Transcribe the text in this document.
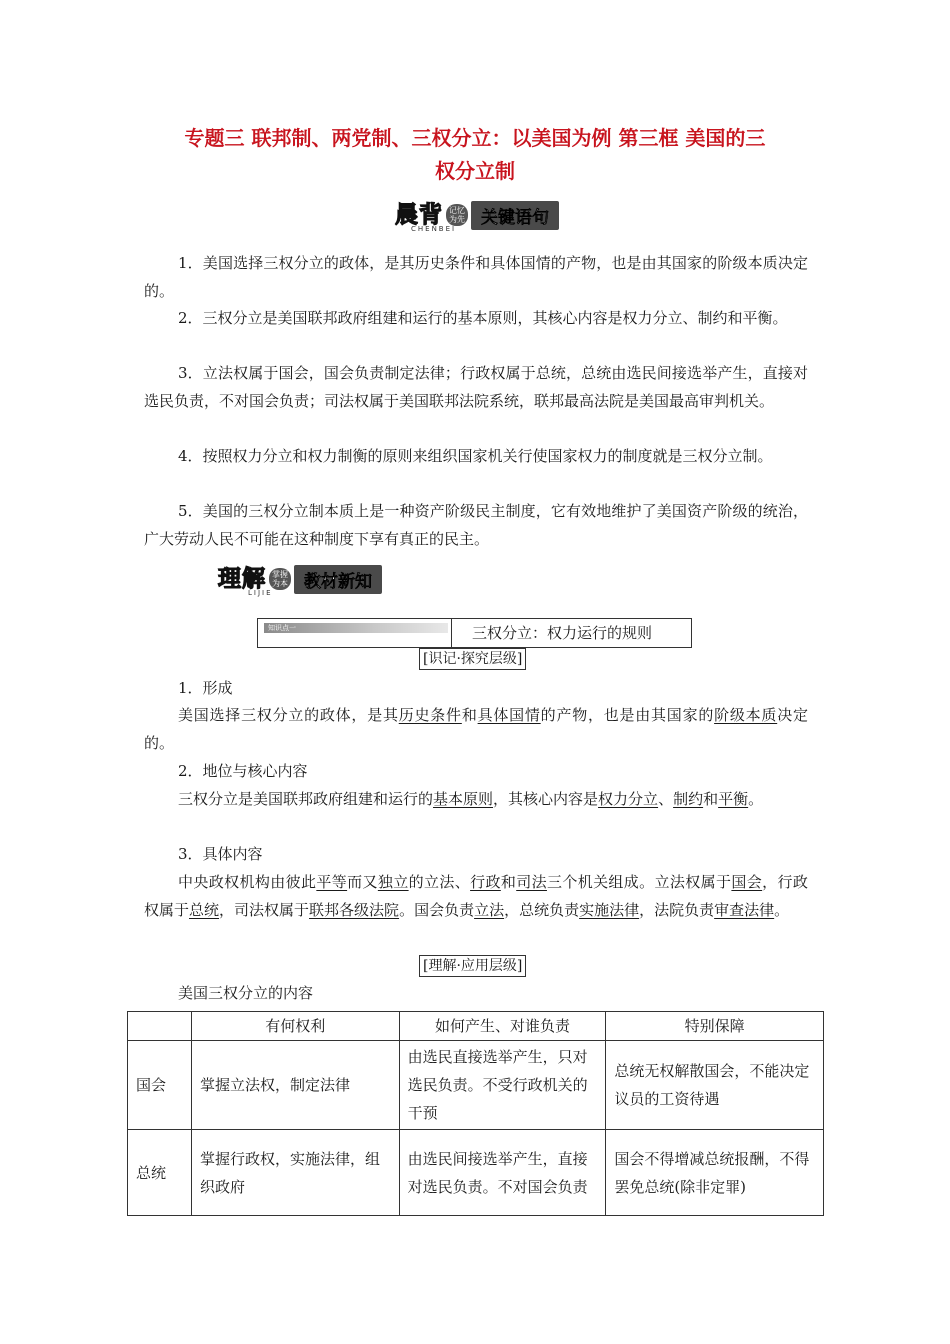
专题三 联邦制、两党制、三权分立：以美国为例 第三框 美国的三
权分立制
晨背 记忆为先 关键语句
CHENBEI
1．美国选择三权分立的政体，是其历史条件和具体国情的产物，也是由其国家的阶级本质决定的。
2．三权分立是美国联邦政府组建和运行的基本原则，其核心内容是权力分立、制约和平衡。
3．立法权属于国会，国会负责制定法律；行政权属于总统，总统由选民间接选举产生，直接对选民负责，不对国会负责；司法权属于美国联邦法院系统，联邦最高法院是美国最高审判机关。
4．按照权力分立和权力制衡的原则来组织国家机关行使国家权力的制度就是三权分立制。
5．美国的三权分立制本质上是一种资产阶级民主制度，它有效地维护了美国资产阶级的统治，广大劳动人民不可能在这种制度下享有真正的民主。
理解 掌握为本 教材新知
LIJIE
知识点一	三权分立：权力运行的规则
[识记·探究层级]
1．形成
美国选择三权分立的政体，是其历史条件和具体国情的产物，也是由其国家的阶级本质决定的。
2．地位与核心内容
三权分立是美国联邦政府组建和运行的基本原则，其核心内容是权力分立、制约和平衡。
3．具体内容
中央政权机构由彼此平等而又独立的立法、行政和司法三个机关组成。立法权属于国会，行政权属于总统，司法权属于联邦各级法院。国会负责立法，总统负责实施法律，法院负责审查法律。
[理解·应用层级]
美国三权分立的内容
	有何权利	如何产生、对谁负责	特别保障
国会	掌握立法权，制定法律	由选民直接选举产生，只对选民负责。不受行政机关的干预	总统无权解散国会，不能决定议员的工资待遇
总统	掌握行政权，实施法律，组织政府	由选民间接选举产生，直接对选民负责。不对国会负责	国会不得增减总统报酬，不得罢免总统(除非定罪)
